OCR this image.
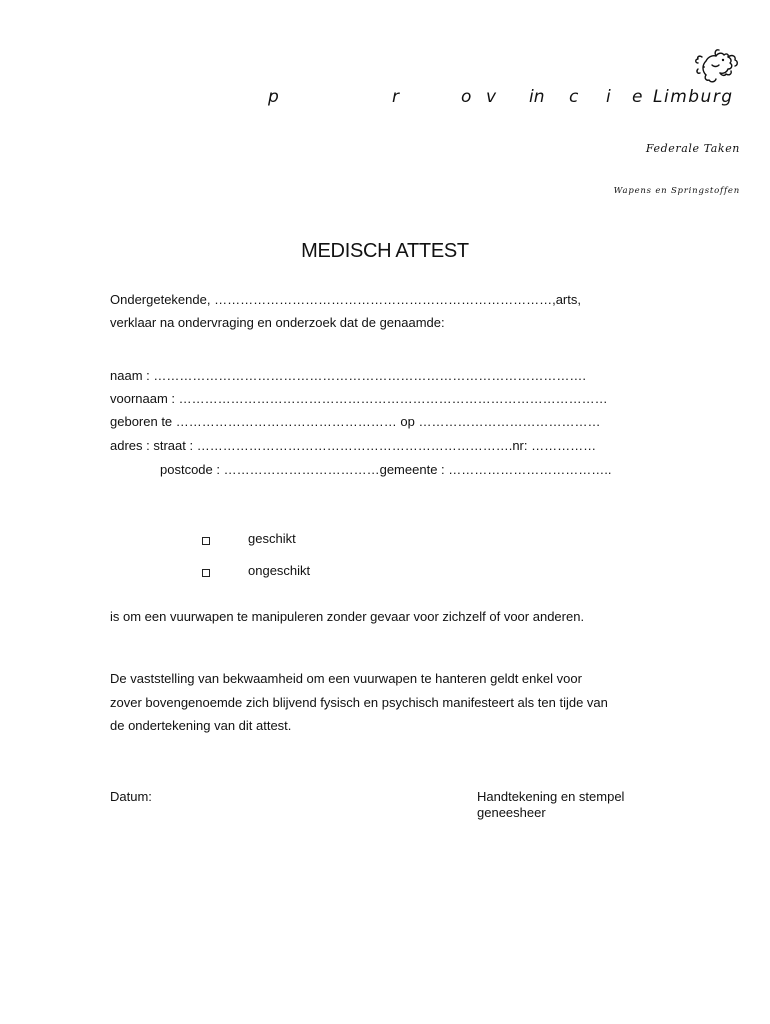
p	r	o v in c i e Limburg
Federale Taken
Wapens en Springstoffen
MEDISCH ATTEST
Ondergetekende, ……………………………………………………………………,arts,
verklaar na ondervraging en onderzoek dat de genaamde:
naam : ……………………………………………………………………………………….
voornaam : ………………………………………………………………………………………
geboren te …………………………………………… op ……………………………………
adres : straat : ……………………………………………………………….nr: ……………
postcode : ………………………………gemeente : ………………………………..
geschikt
ongeschikt
is om een vuurwapen te manipuleren zonder gevaar voor zichzelf of voor anderen.
De vaststelling van bekwaamheid om een vuurwapen te hanteren geldt enkel voor
zover bovengenoemde zich blijvend fysisch en psychisch manifesteert als ten tijde van
de ondertekening van dit attest.
Datum:	Handtekening en stempel
geneesheer
